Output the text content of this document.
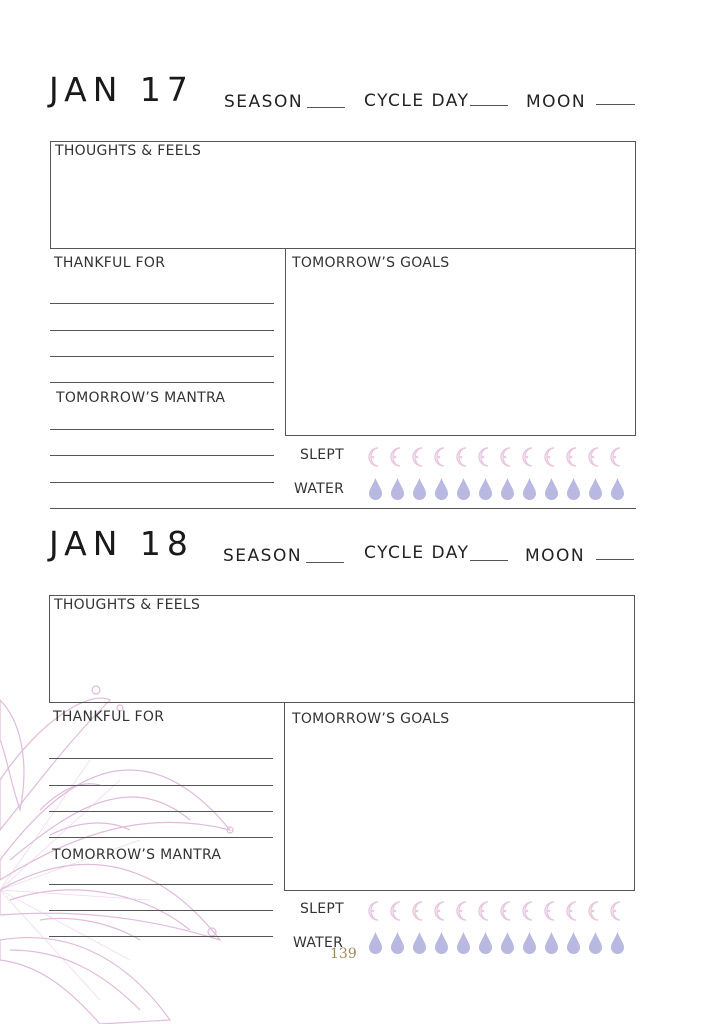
JAN 17 SEASON	CYCLE DAY	MOON
THOUGHTS & FEELS
THANKFUL FOR
TOMORROW’S MANTRA
TOMORROW’S GOALS
SLEPT
WATER
JAN 18 SEASON	CYCLE DAY	MOON
THOUGHTS & FEELS
THANKFUL FOR
TOMORROW’S MANTRA
TOMORROW’S GOALS
SLEPT
WATER
139
